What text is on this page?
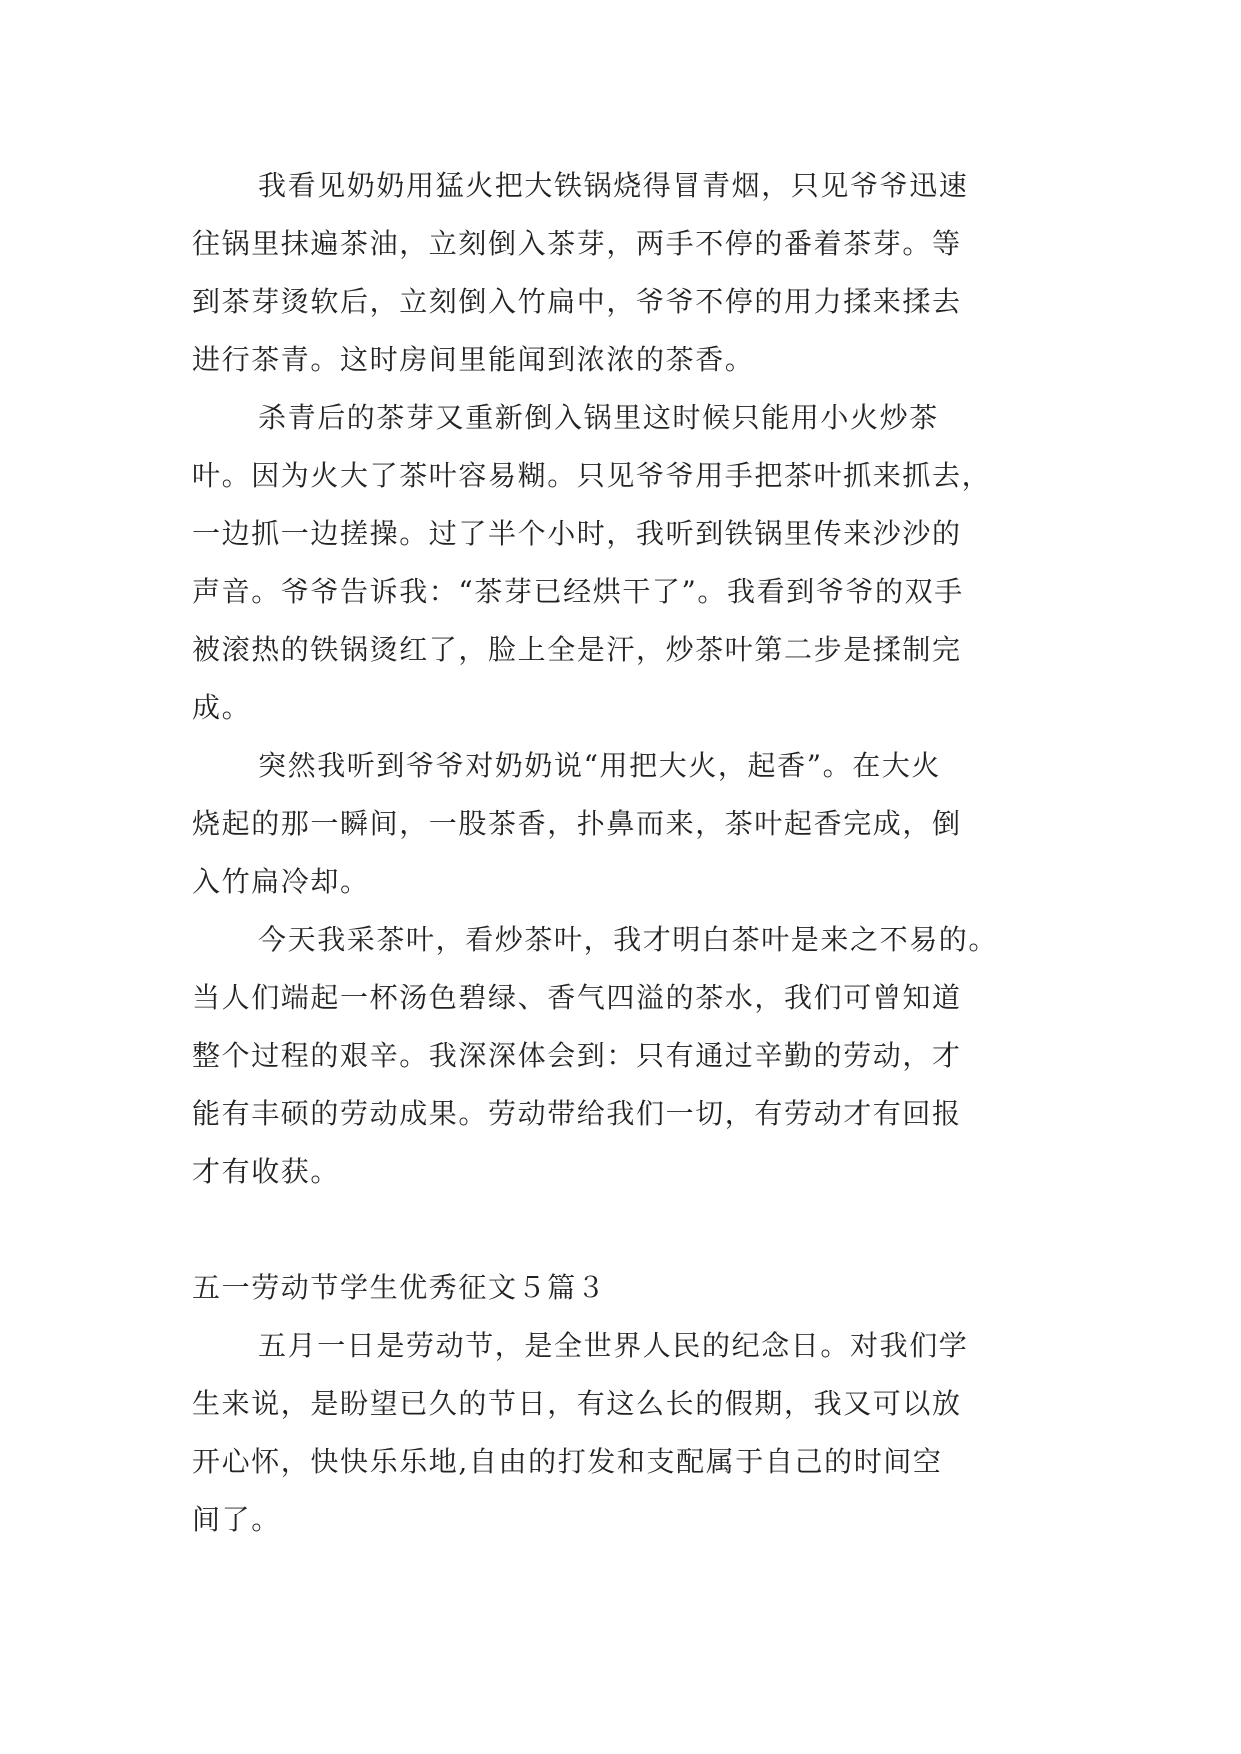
我看见奶奶用猛火把大铁锅烧得冒青烟，只见爷爷迅速
往锅里抹遍茶油，立刻倒入茶芽，两手不停的番着茶芽。等
到茶芽烫软后，立刻倒入竹扁中，爷爷不停的用力揉来揉去
进行茶青。这时房间里能闻到浓浓的茶香。
杀青后的茶芽又重新倒入锅里这时候只能用小火炒茶
叶。因为火大了茶叶容易糊。只见爷爷用手把茶叶抓来抓去，
一边抓一边搓操。过了半个小时，我听到铁锅里传来沙沙的
声音。爷爷告诉我：“茶芽已经烘干了”。我看到爷爷的双手
被滚热的铁锅烫红了，脸上全是汗，炒茶叶第二步是揉制完
成。
突然我听到爷爷对奶奶说“用把大火，起香”。在大火
烧起的那一瞬间，一股茶香，扑鼻而来，茶叶起香完成，倒
入竹扁冷却。
今天我采茶叶，看炒茶叶，我才明白茶叶是来之不易的。
当人们端起一杯汤色碧绿、香气四溢的茶水，我们可曾知道
整个过程的艰辛。我深深体会到：只有通过辛勤的劳动，才
能有丰硕的劳动成果。劳动带给我们一切，有劳动才有回报
才有收获。
五一劳动节学生优秀征文５篇３
五月一日是劳动节，是全世界人民的纪念日。对我们学
生来说，是盼望已久的节日，有这么长的假期，我又可以放
开心怀，快快乐乐地,自由的打发和支配属于自己的时间空
间了。
